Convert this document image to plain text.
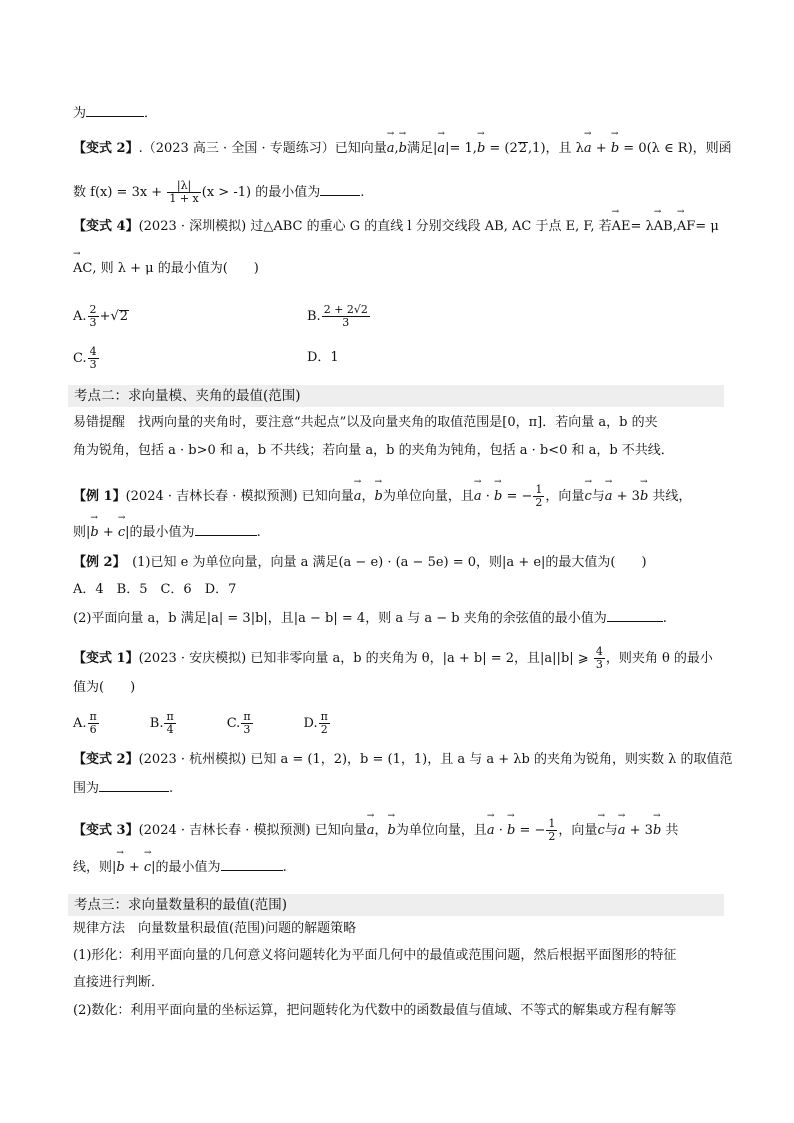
为	．
【变式 2】.（2023 高三 · 全国 · 专题练习）已知向量→ a,→ b满足|→ a|= 1,→ b = (22,1)，且 λ→ a + → b = 0(λ ∈ R)，则函
数 $f(x) = 3x + \frac{|\lambda|}{1 + x} (x > -1)$ 的最小值为	.
【变式 4】(2023 · 深圳模拟) 过△ABC 的重心 G 的直线 l 分别交线段 AB, AC 于点 E, F, 若→ AE= λ→ AB,→ AF= μ
→ AC, 则 λ + μ 的最小值为(　　)
A. $\frac{2}{3} +√2$	B. $\frac{2 + 2√2}{3}$
C. $\frac{4}{3}$	D．1
考点二：求向量模、夹角的最值(范围)
易错提醒　找两向量的夹角时，要注意“共起点”以及向量夹角的取值范围是[0，π]．若向量 a，b 的夹
角为锐角，包括 a · b>0 和 a，b 不共线；若向量 a，b 的夹角为钝角，包括 a · b<0 和 a，b 不共线．
【例 1】(2024 · 吉林长春 · 模拟预测) 已知向量→ a，→ b为单位向量，且→ a · → b = − $\frac{1}{2}$ ，向量→ c与→ a + 3→ b 共线，
则|→ b + → c|的最小值为	.
【例 2】　(1)已知 e 为单位向量，向量 a 满足(a − e) · (a − 5e) = 0，则|a + e|的最大值为(　　)
A．4　B．5　C．6　D．7
(2)平面向量 a，b 满足|a| = 3|b|，且|a − b| = 4，则 a 与 a − b 夹角的余弦值的最小值为	.
【变式 1】(2023 · 安庆模拟) 已知非零向量 a，b 的夹角为 θ，|a + b| = 2，且|a||b| ⩾ $\frac{4}{3}$ ，则夹角 θ 的最小
值为(　　)
A. $\frac{\pi}{6}$	B. $\frac{\pi}{4}$	C. $\frac{\pi}{3}$	D. $\frac{\pi}{2}$
【变式 2】(2023 · 杭州模拟) 已知 a = (1，2)，b = (1，1)，且 a 与 a + λb 的夹角为锐角，则实数 λ 的取值范
围为	.
【变式 3】(2024 · 吉林长春 · 模拟预测) 已知向量→ a，→ b为单位向量，且→ a · → b = − $\frac{1}{2}$ ，向量→ c与→ a + 3→ b 共
线，则|→ b + → c|的最小值为	.
考点三：求向量数量积的最值(范围)
规律方法　向量数量积最值(范围)问题的解题策略
(1)形化：利用平面向量的几何意义将问题转化为平面几何中的最值或范围问题，然后根据平面图形的特征
直接进行判断．
(2)数化：利用平面向量的坐标运算，把问题转化为代数中的函数最值与值域、不等式的解集或方程有解等
